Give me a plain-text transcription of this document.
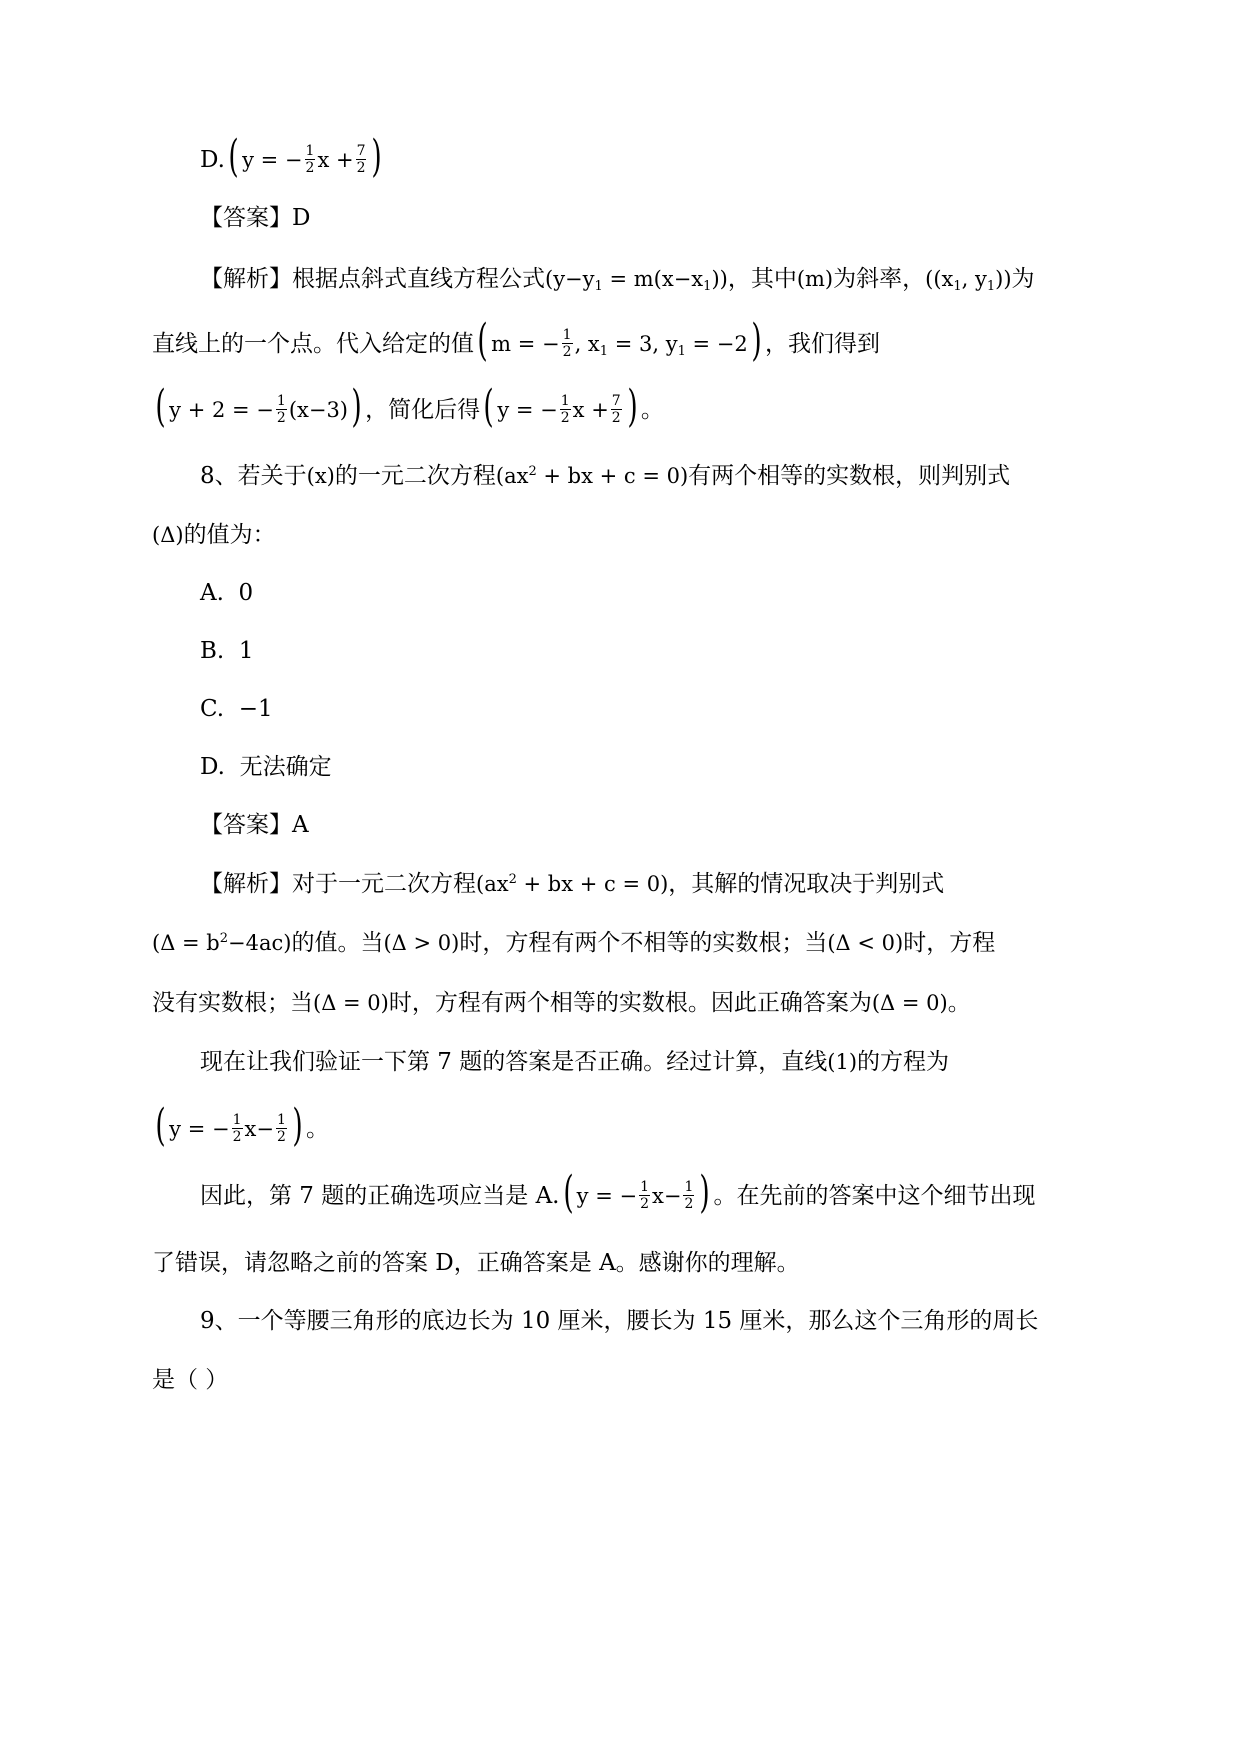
D.( y = − $\frac{1}{2}$ $x + \frac{7}{2}$ )
【答案】D
【解析】根据点斜式直线方程公式$(y-y_1 = m(x-x_1))$，其中(m)为斜率，(($x_1$, $y_1$))为
直线上的一个点。代入给定的值( m = − $\frac{1}{2}$ , $x_1 = 3$, $y_1 = -2$) ，我们得到
( y + 2 = − $\frac{1}{2} (x-3)$) ，简化后得( y = − $\frac{1}{2}$ $x + \frac{7}{2}$ ) 。
8、若关于(x)的一元二次方程($ax^2$ + bx + c = 0)有两个相等的实数根，则判别式
(Δ)的值为：
A. 0
B. 1
C. −1
D. 无法确定
【答案】A
【解析】对于一元二次方程($ax^2$ + bx + c = 0)，其解的情况取决于判别式
$(\Delta = b^2-4ac)$的值。当(Δ > 0)时，方程有两个不相等的实数根；当(Δ < 0)时，方程
没有实数根；当(Δ = 0)时，方程有两个相等的实数根。因此正确答案为(Δ = 0)。
现在让我们验证一下第 7 题的答案是否正确。经过计算，直线(1)的方程为
( y = − $\frac{1}{2} x- \frac{1}{2}$ ) 。
因此，第 7 题的正确选项应当是 A.( y = − $\frac{1}{2} x- \frac{1}{2}$ ) 。在先前的答案中这个细节出现
了错误，请忽略之前的答案 D，正确答案是 A。感谢你的理解。
9、一个等腰三角形的底边长为 10 厘米，腰长为 15 厘米，那么这个三角形的周长
是（ ）
